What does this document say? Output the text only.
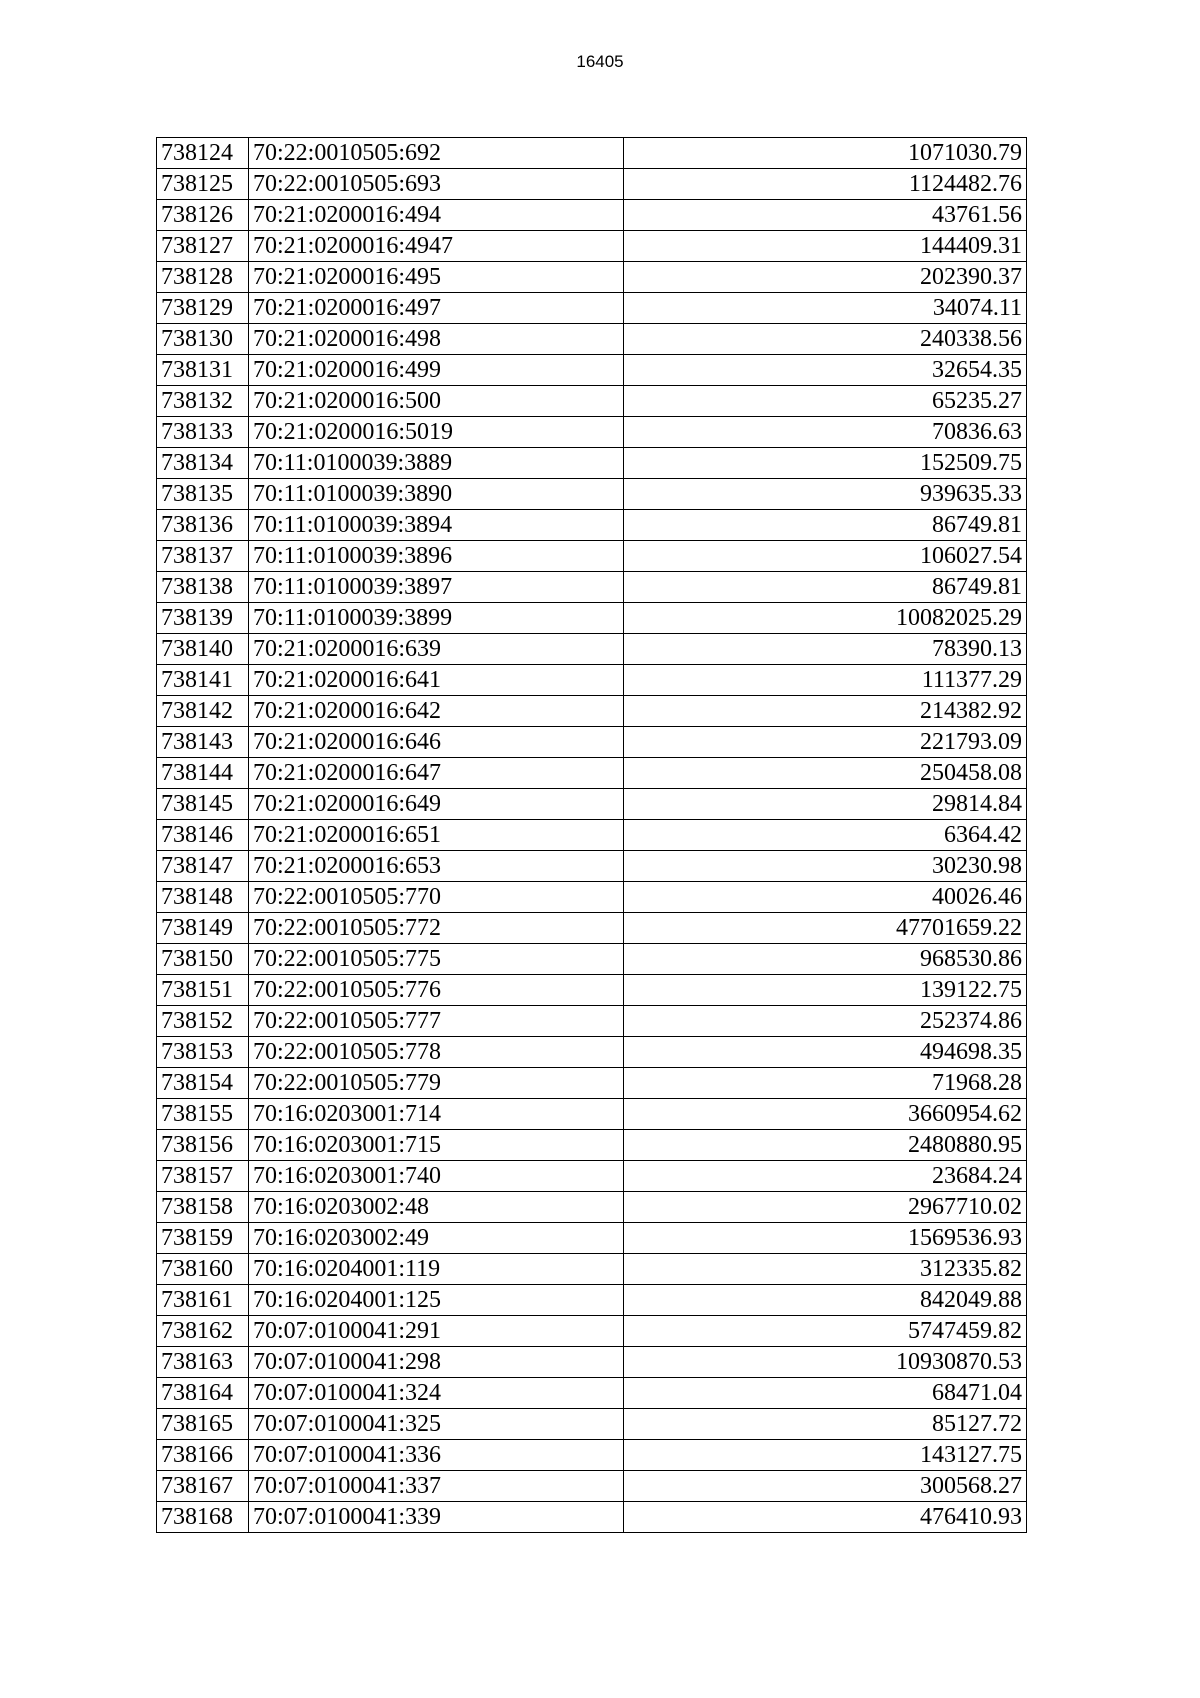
16405
738124	70:22:0010505:692	1071030.79
738125	70:22:0010505:693	1124482.76
738126	70:21:0200016:494	43761.56
738127	70:21:0200016:4947	144409.31
738128	70:21:0200016:495	202390.37
738129	70:21:0200016:497	34074.11
738130	70:21:0200016:498	240338.56
738131	70:21:0200016:499	32654.35
738132	70:21:0200016:500	65235.27
738133	70:21:0200016:5019	70836.63
738134	70:11:0100039:3889	152509.75
738135	70:11:0100039:3890	939635.33
738136	70:11:0100039:3894	86749.81
738137	70:11:0100039:3896	106027.54
738138	70:11:0100039:3897	86749.81
738139	70:11:0100039:3899	10082025.29
738140	70:21:0200016:639	78390.13
738141	70:21:0200016:641	111377.29
738142	70:21:0200016:642	214382.92
738143	70:21:0200016:646	221793.09
738144	70:21:0200016:647	250458.08
738145	70:21:0200016:649	29814.84
738146	70:21:0200016:651	6364.42
738147	70:21:0200016:653	30230.98
738148	70:22:0010505:770	40026.46
738149	70:22:0010505:772	47701659.22
738150	70:22:0010505:775	968530.86
738151	70:22:0010505:776	139122.75
738152	70:22:0010505:777	252374.86
738153	70:22:0010505:778	494698.35
738154	70:22:0010505:779	71968.28
738155	70:16:0203001:714	3660954.62
738156	70:16:0203001:715	2480880.95
738157	70:16:0203001:740	23684.24
738158	70:16:0203002:48	2967710.02
738159	70:16:0203002:49	1569536.93
738160	70:16:0204001:119	312335.82
738161	70:16:0204001:125	842049.88
738162	70:07:0100041:291	5747459.82
738163	70:07:0100041:298	10930870.53
738164	70:07:0100041:324	68471.04
738165	70:07:0100041:325	85127.72
738166	70:07:0100041:336	143127.75
738167	70:07:0100041:337	300568.27
738168	70:07:0100041:339	476410.93
